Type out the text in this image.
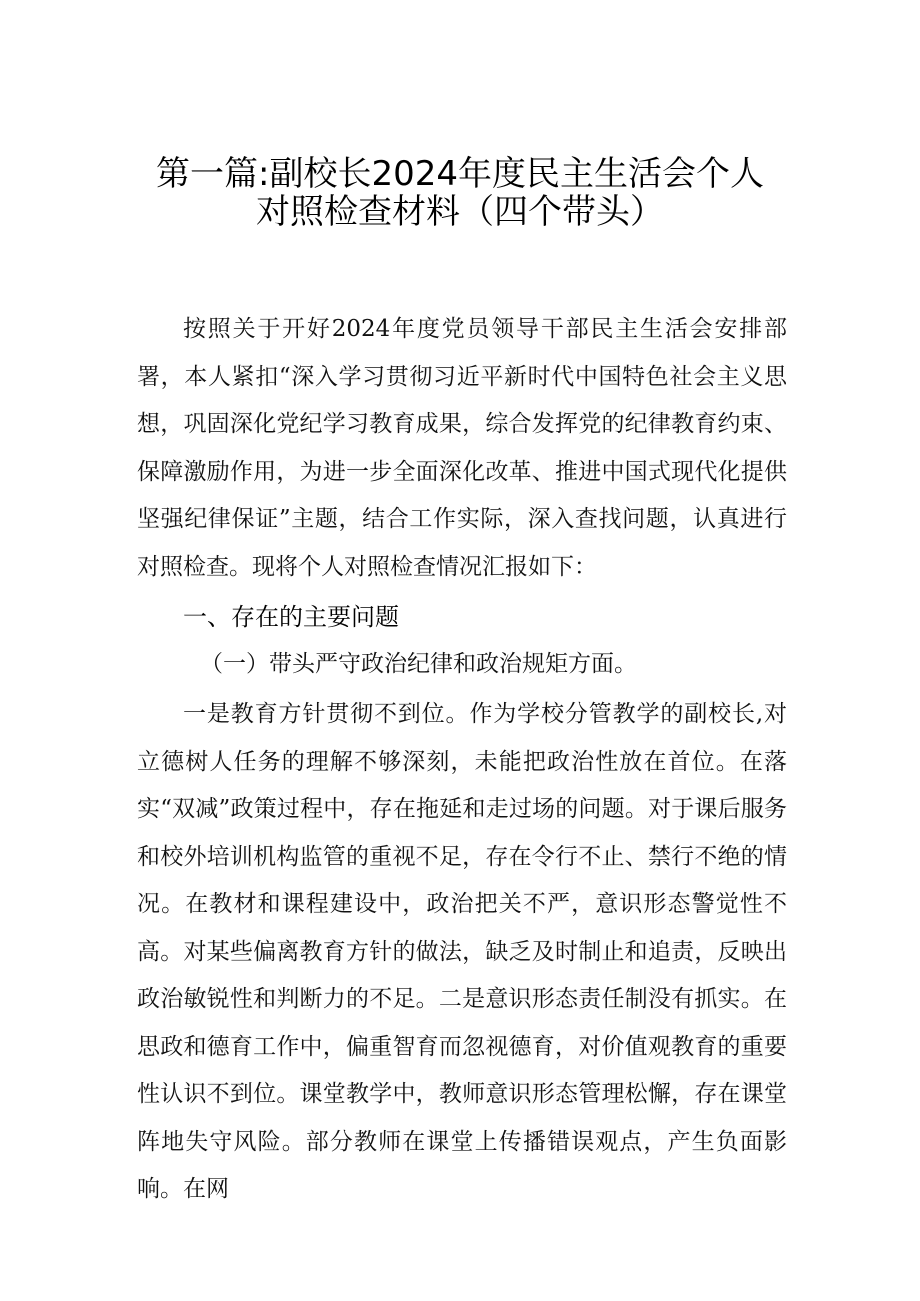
第一篇:副校长2024年度民主生活会个人
对照检查材料（四个带头）

按照关于开好2024年度党员领导干部民主生活会安排部署，本人紧扣“深入学习贯彻习近平新时代中国特色社会主义思想，巩固深化党纪学习教育成果，综合发挥党的纪律教育约束、保障激励作用，为进一步全面深化改革、推进中国式现代化提供坚强纪律保证”主题，结合工作实际，深入查找问题，认真进行对照检查。现将个人对照检查情况汇报如下：

一、存在的主要问题
（一）带头严守政治纪律和政治规矩方面。

一是教育方针贯彻不到位。作为学校分管教学的副校长,对立德树人任务的理解不够深刻，未能把政治性放在首位。在落实“双减”政策过程中，存在拖延和走过场的问题。对于课后服务和校外培训机构监管的重视不足，存在令行不止、禁行不绝的情况。在教材和课程建设中，政治把关不严，意识形态警觉性不高。对某些偏离教育方针的做法，缺乏及时制止和追责，反映出政治敏锐性和判断力的不足。二是意识形态责任制没有抓实。在思政和德育工作中，偏重智育而忽视德育，对价值观教育的重要性认识不到位。课堂教学中，教师意识形态管理松懈，存在课堂阵地失守风险。部分教师在课堂上传播错误观点，产生负面影响。在网
